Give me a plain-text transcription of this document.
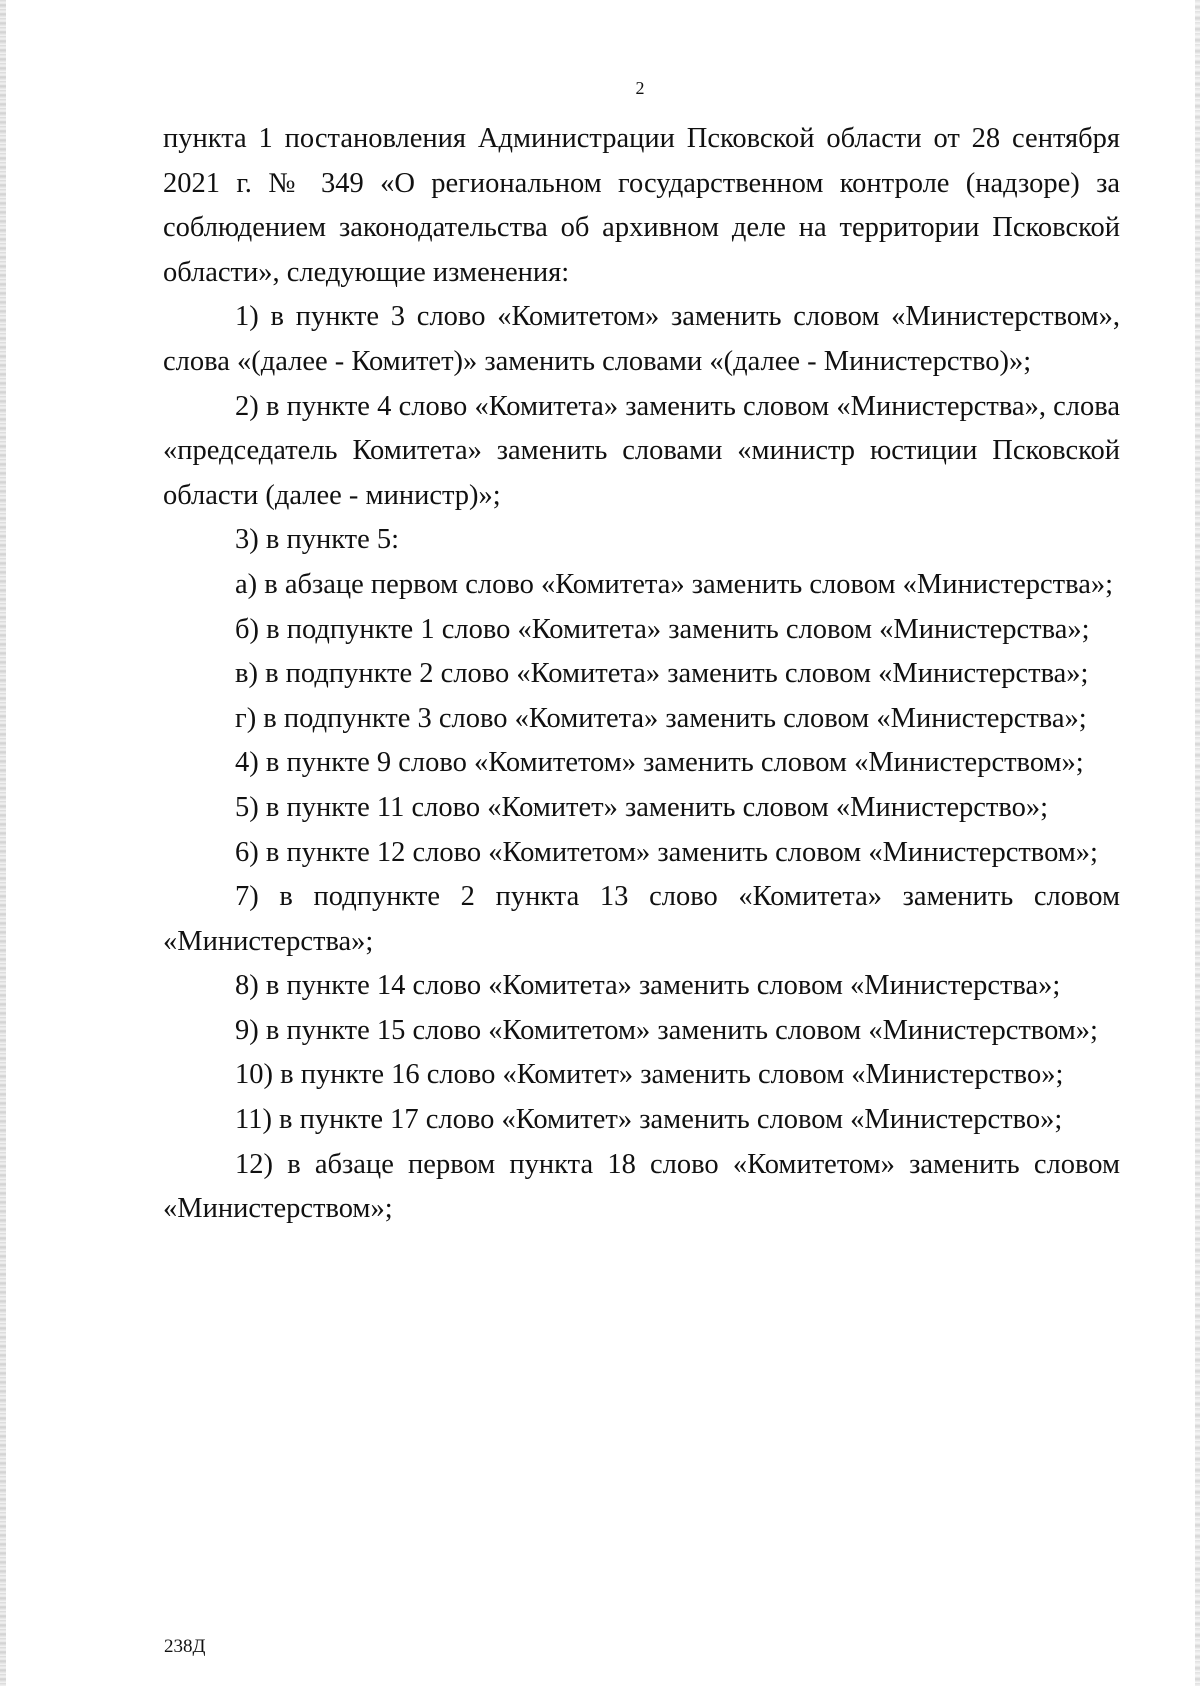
2

пункта 1 постановления Администрации Псковской области от 28 сентября 2021 г. № 349 «О региональном государственном контроле (надзоре) за соблюдением законодательства об архивном деле на территории Псковской области», следующие изменения:

1) в пункте 3 слово «Комитетом» заменить словом «Министерством», слова «(далее - Комитет)» заменить словами «(далее - Министерство)»;

2) в пункте 4 слово «Комитета» заменить словом «Министерства», слова «председатель Комитета» заменить словами «министр юстиции Псковской области (далее - министр)»;

3) в пункте 5:

а) в абзаце первом слово «Комитета» заменить словом «Министерства»;

б) в подпункте 1 слово «Комитета» заменить словом «Министерства»;

в) в подпункте 2 слово «Комитета» заменить словом «Министерства»;

г) в подпункте 3 слово «Комитета» заменить словом «Министерства»;

4) в пункте 9 слово «Комитетом» заменить словом «Министерством»;

5) в пункте 11 слово «Комитет» заменить словом «Министерство»;

6) в пункте 12 слово «Комитетом» заменить словом «Министерством»;

7) в подпункте 2 пункта 13 слово «Комитета» заменить словом «Министерства»;

8) в пункте 14 слово «Комитета» заменить словом «Министерства»;

9) в пункте 15 слово «Комитетом» заменить словом «Министерством»;

10) в пункте 16 слово «Комитет» заменить словом «Министерство»;

11) в пункте 17 слово «Комитет» заменить словом «Министерство»;

12) в абзаце первом пункта 18 слово «Комитетом» заменить словом «Министерством»;

238Д
